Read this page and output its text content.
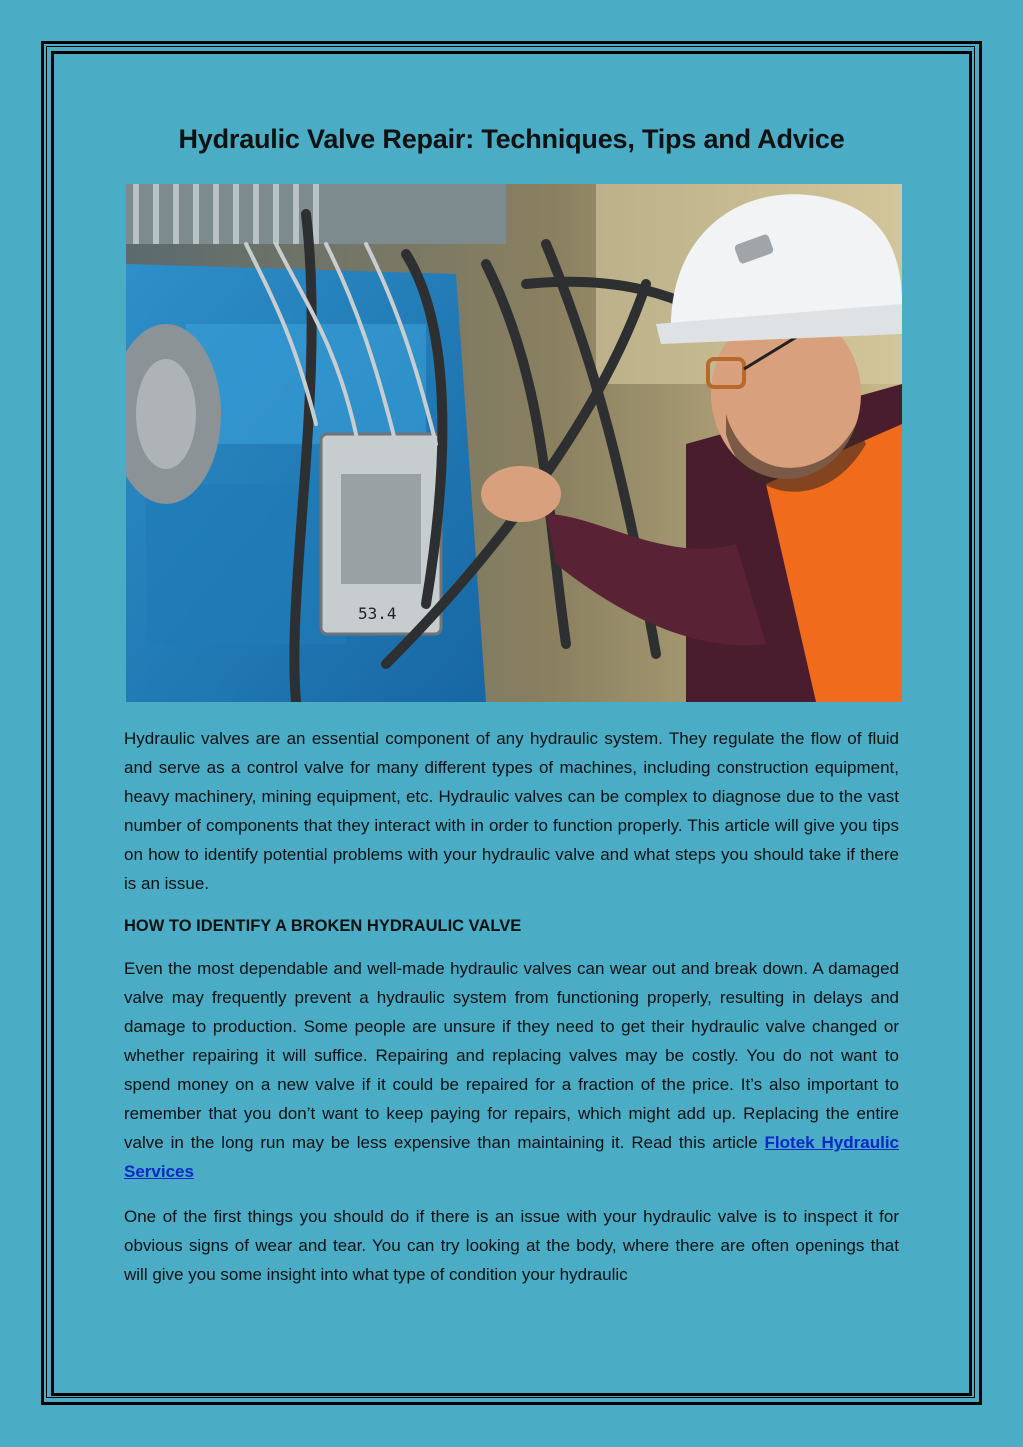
Hydraulic Valve Repair: Techniques, Tips and Advice
53.4

Hydraulic valves are an essential component of any hydraulic system. They regulate the flow of fluid and serve as a control valve for many different types of machines, including construction equipment, heavy machinery, mining equipment, etc. Hydraulic valves can be complex to diagnose due to the vast number of components that they interact with in order to function properly. This article will give you tips on how to identify potential problems with your hydraulic valve and what steps you should take if there is an issue.

HOW TO IDENTIFY A BROKEN HYDRAULIC VALVE

Even the most dependable and well-made hydraulic valves can wear out and break down. A damaged valve may frequently prevent a hydraulic system from functioning properly, resulting in delays and damage to production. Some people are unsure if they need to get their hydraulic valve changed or whether repairing it will suffice. Repairing and replacing valves may be costly. You do not want to spend money on a new valve if it could be repaired for a fraction of the price. It’s also important to remember that you don’t want to keep paying for repairs, which might add up. Replacing the entire valve in the long run may be less expensive than maintaining it. Read this article Flotek Hydraulic Services

One of the first things you should do if there is an issue with your hydraulic valve is to inspect it for obvious signs of wear and tear. You can try looking at the body, where there are often openings that will give you some insight into what type of condition your hydraulic
